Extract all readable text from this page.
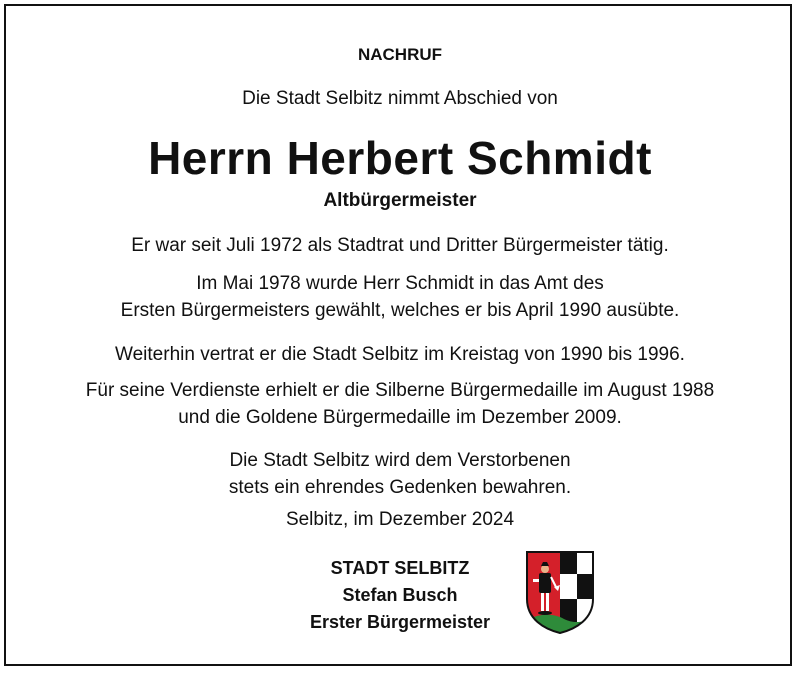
NACHRUF
Die Stadt Selbitz nimmt Abschied von
Herrn Herbert Schmidt
Altbürgermeister
Er war seit Juli 1972 als Stadtrat und Dritter Bürgermeister tätig.
Im Mai 1978 wurde Herr Schmidt in das Amt des
Ersten Bürgermeisters gewählt, welches er bis April 1990 ausübte.
Weiterhin vertrat er die Stadt Selbitz im Kreistag von 1990 bis 1996.
Für seine Verdienste erhielt er die Silberne Bürgermedaille im August 1988
und die Goldene Bürgermedaille im Dezember 2009.
Die Stadt Selbitz wird dem Verstorbenen
stets ein ehrendes Gedenken bewahren.
Selbitz, im Dezember 2024
STADT SELBITZ
Stefan Busch
Erster Bürgermeister
